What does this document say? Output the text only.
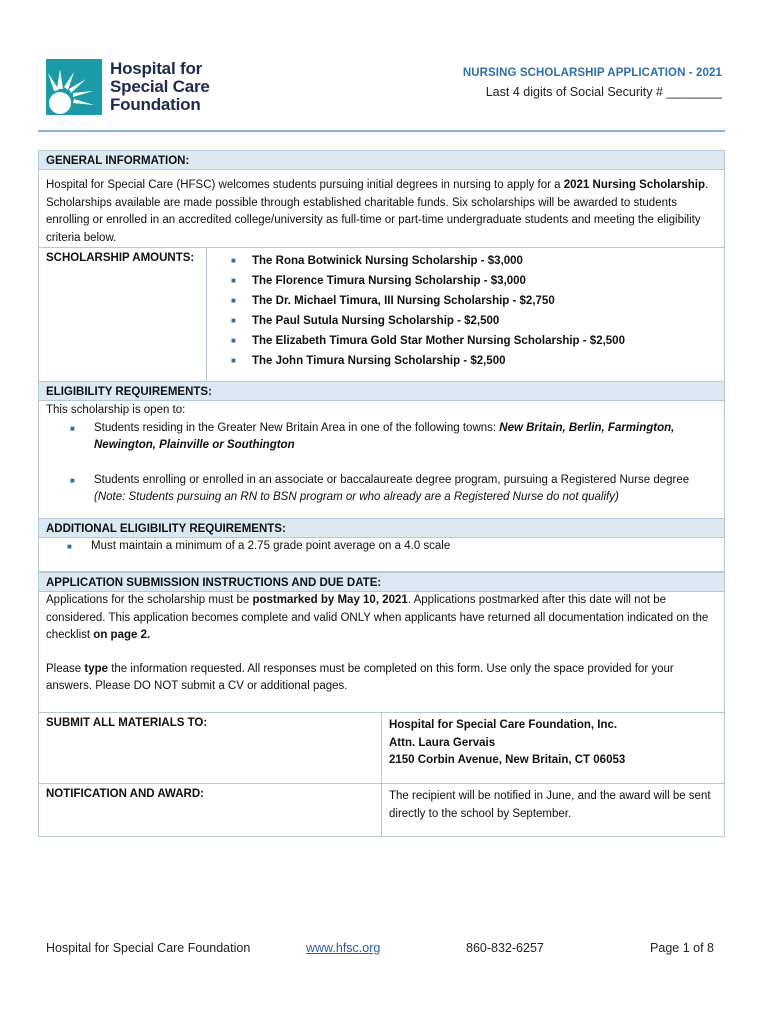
Hospital for
Special Care
Foundation
NURSING SCHOLARSHIP APPLICATION - 2021
Last 4 digits of Social Security # ________
GENERAL INFORMATION:
Hospital for Special Care (HFSC) welcomes students pursuing initial degrees in nursing to apply for a 2021 Nursing Scholarship. Scholarships available are made possible through established charitable funds. Six scholarships will be awarded to students enrolling or enrolled in an accredited college/university as full-time or part-time undergraduate students and meeting the eligibility criteria below.
SCHOLARSHIP AMOUNTS:	■	The Rona Botwinick Nursing Scholarship - $3,000
■	The Florence Timura Nursing Scholarship - $3,000
■	The Dr. Michael Timura, III Nursing Scholarship - $2,750
■	The Paul Sutula Nursing Scholarship - $2,500
■	The Elizabeth Timura Gold Star Mother Nursing Scholarship - $2,500
■	The John Timura Nursing Scholarship - $2,500
ELIGIBILITY REQUIREMENTS:
This scholarship is open to:
■	Students residing in the Greater New Britain Area in one of the following towns: New Britain, Berlin, Farmington, Newington, Plainville or Southington
■	Students enrolling or enrolled in an associate or baccalaureate degree program, pursuing a Registered Nurse degree (Note: Students pursuing an RN to BSN program or who already are a Registered Nurse do not qualify)
ADDITIONAL ELIGIBILITY REQUIREMENTS:
■	Must maintain a minimum of a 2.75 grade point average on a 4.0 scale
APPLICATION SUBMISSION INSTRUCTIONS AND DUE DATE:
Applications for the scholarship must be postmarked by May 10, 2021. Applications postmarked after this date will not be considered. This application becomes complete and valid ONLY when applicants have returned all documentation indicated on the checklist on page 2.
Please type the information requested. All responses must be completed on this form. Use only the space provided for your answers. Please DO NOT submit a CV or additional pages.
SUBMIT ALL MATERIALS TO:	Hospital for Special Care Foundation, Inc.
Attn. Laura Gervais
2150 Corbin Avenue, New Britain, CT 06053
NOTIFICATION AND AWARD:	The recipient will be notified in June, and the award will be sent directly to the school by September.
Hospital for Special Care Foundation	www.hfsc.org	860-832-6257	Page 1 of 8
